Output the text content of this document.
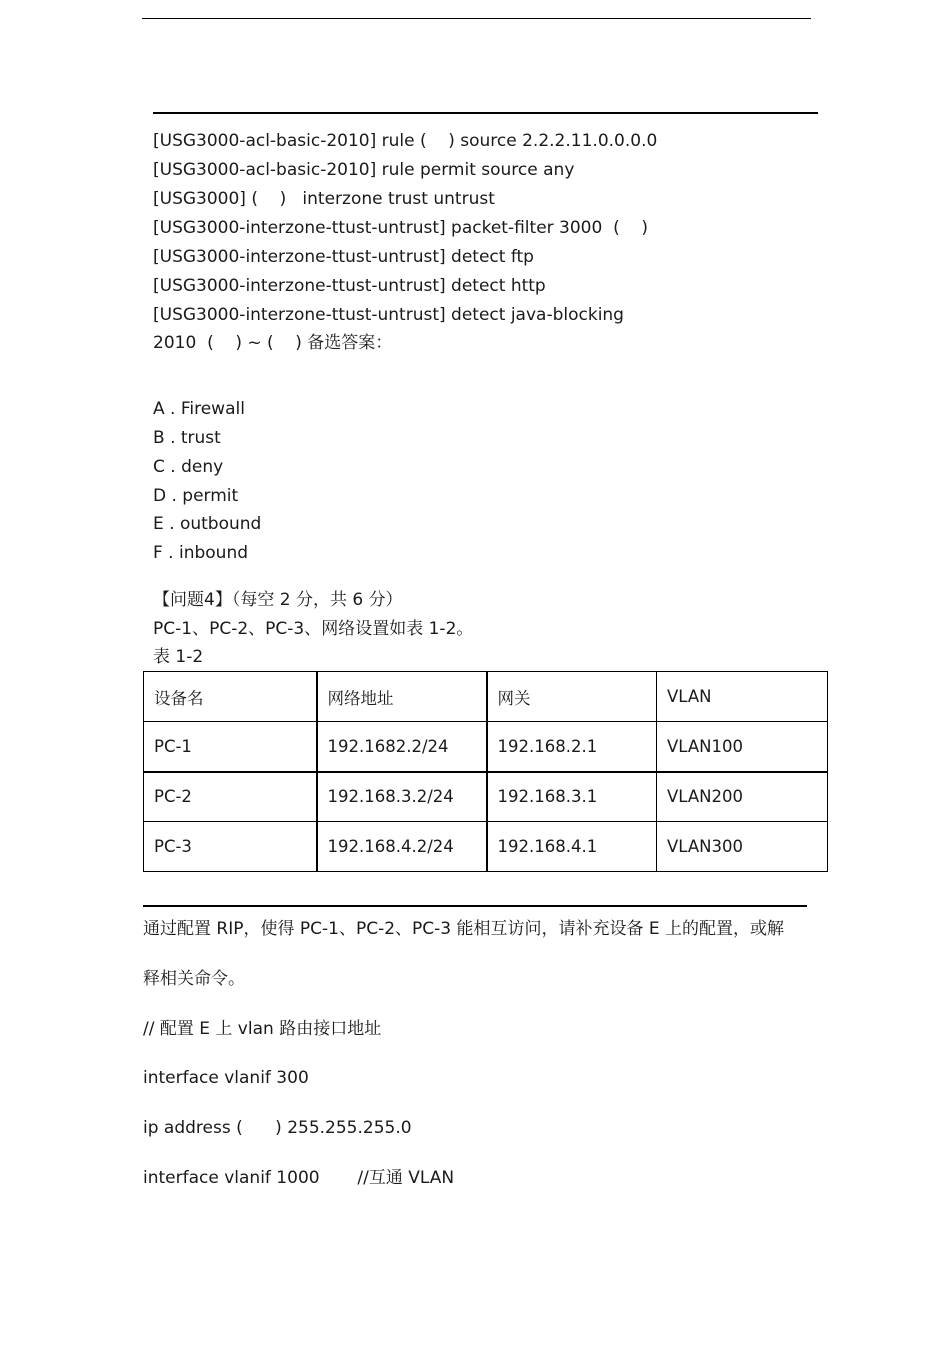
[USG3000-acl-basic-2010] rule (    ) source 2.2.2.11.0.0.0.0
[USG3000-acl-basic-2010] rule permit source any
[USG3000] (    )   interzone trust untrust
[USG3000-interzone-ttust-untrust] packet-filter 3000  (    )
[USG3000-interzone-ttust-untrust] detect ftp
[USG3000-interzone-ttust-untrust] detect http
[USG3000-interzone-ttust-untrust] detect java-blocking
2010  (    ) ~ (    ) 备选答案：
A . Firewall
B . trust
C . deny
D . permit
E . outbound
F . inbound
【问题4】（每空 2 分，共 6 分）
PC-1、PC-2、PC-3、网络设置如表 1-2。
表 1-2
设备名	网络地址	网关	VLAN
PC-1	192.1682.2/24	192.168.2.1	VLAN100
PC-2	192.168.3.2/24	192.168.3.1	VLAN200
PC-3	192.168.4.2/24	192.168.4.1	VLAN300
通过配置 RIP，使得 PC-1、PC-2、PC-3 能相互访问，请补充设备 E 上的配置，或解
释相关命令。
// 配置 E 上 vlan 路由接口地址
interface vlanif 300
ip address (      ) 255.255.255.0
interface vlanif 1000       //互通 VLAN
